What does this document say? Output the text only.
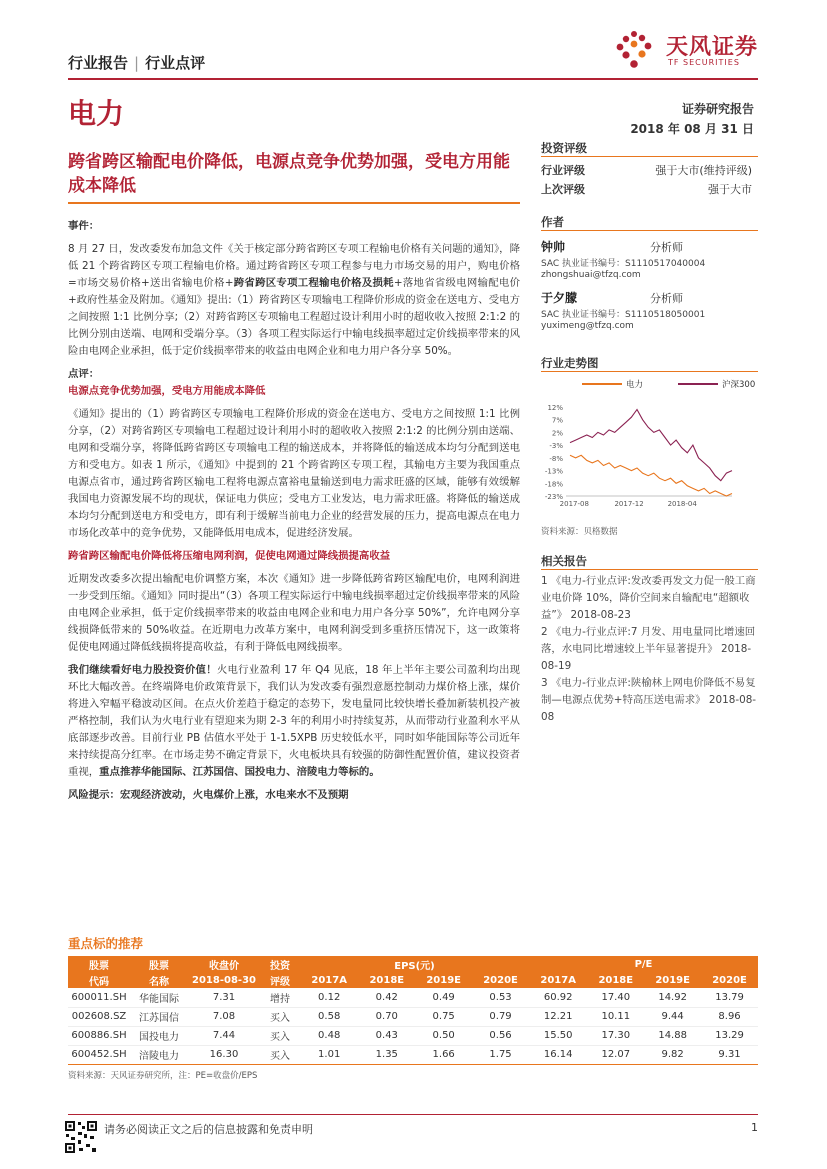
行业报告 | 行业点评
天风证券
TF SECURITIES
电力	证券研究报告
2018 年 08 月 31 日
跨省跨区输配电价降低，电源点竞争优势加强，受电方用能成本降低
投资评级
行业评级	强于大市(维持评级)
上次评级	强于大市
作者
钟帅	分析师
SAC 执业证书编号：S1110517040004
zhongshuai@tfzq.com
于夕朦	分析师
SAC 执业证书编号：S1110518050001
yuximeng@tfzq.com
行业走势图
电力	沪深300
12%
7%
2%
-3%
-8%
-13%
-18%
-23%
2017-08	2017-12	2018-04
资料来源：贝格数据
相关报告
1 《电力-行业点评:发改委再发文力促一般工商业电价降 10%，降价空间来自输配电“超额收益”》 2018-08-23
2 《电力-行业点评:7 月发、用电量同比增速回落，水电同比增速较上半年显著提升》 2018-08-19
3 《电力-行业点评:陕榆林上网电价降低不易复制—电源点优势+特高压送电需求》 2018-08-08

事件：

8 月 27 日，发改委发布加急文件《关于核定部分跨省跨区专项工程输电价格有关问题的通知》，降低 21 个跨省跨区专项工程输电价格。通过跨省跨区专项工程参与电力市场交易的用户，购电价格=市场交易价格+送出省输电价格+跨省跨区专项工程输电价格及损耗+落地省省级电网输配电价+政府性基金及附加。《通知》提出:（1）跨省跨区专项输电工程降价形成的资金在送电方、受电方之间按照 1:1 比例分享;（2）对跨省跨区专项输电工程超过设计利用小时的超收收入按照 2:1:2 的比例分别由送端、电网和受端分享。（3）各项工程实际运行中输电线损率超过定价线损率带来的风险由电网企业承担，低于定价线损率带来的收益由电网企业和电力用户各分享 50%。

点评：

电源点竞争优势加强，受电方用能成本降低

《通知》提出的（1）跨省跨区专项输电工程降价形成的资金在送电方、受电方之间按照 1:1 比例分享，（2）对跨省跨区专项输电工程超过设计利用小时的超收收入按照 2:1:2 的比例分别由送端、电网和受端分享，将降低跨省跨区专项输电工程的输送成本，并将降低的输送成本均匀分配到送电方和受电方。如表 1 所示，《通知》中提到的 21 个跨省跨区专项工程，其输电方主要为我国重点电源点省市，通过跨省跨区输电工程将电源点富裕电量输送到电力需求旺盛的区域，能够有效缓解我国电力资源发展不均的现状，保证电力供应；受电方工业发达，电力需求旺盛。将降低的输送成本均匀分配到送电方和受电方，即有利于缓解当前电力企业的经营发展的压力，提高电源点在电力市场化改革中的竞争优势，又能降低用电成本，促进经济发展。

跨省跨区输配电价降低将压缩电网利润，促使电网通过降线损提高收益

近期发改委多次提出输配电价调整方案，本次《通知》进一步降低跨省跨区输配电价，电网利润进一步受到压缩。《通知》同时提出“（3）各项工程实际运行中输电线损率超过定价线损率带来的风险由电网企业承担，低于定价线损率带来的收益由电网企业和电力用户各分享 50%”，允许电网分享线损降低带来的 50%收益。在近期电力改革方案中，电网利润受到多重挤压情况下，这一政策将促使电网通过降低线损将提高收益，有利于降低电网线损率。

我们继续看好电力股投资价值！火电行业盈利 17 年 Q4 见底，18 年上半年主要公司盈利均出现环比大幅改善。在终端降电价政策背景下，我们认为发改委有强烈意愿控制动力煤价格上涨，煤价将进入窄幅平稳波动区间。在点火价差趋于稳定的态势下，发电量同比较快增长叠加新装机投产被严格控制，我们认为火电行业有望迎来为期 2-3 年的利用小时持续复苏，从而带动行业盈利水平从底部逐步改善。目前行业 PB 估值水平处于 1-1.5XPB 历史较低水平，同时如华能国际等公司近年来持续提高分红率。在市场走势不确定背景下，火电板块具有较强的防御性配置价值，建议投资者重视，重点推荐华能国际、江苏国信、国投电力、涪陵电力等标的。

风险提示：宏观经济波动，火电煤价上涨，水电来水不及预期

重点标的推荐
股票	股票	收盘价	投资	EPS(元)				P/E			
代码	名称	2018-08-30	评级	2017A	2018E	2019E	2020E	2017A	2018E	2019E	2020E
600011.SH	华能国际	7.31	增持	0.12	0.42	0.49	0.53	60.92	17.40	14.92	13.79
002608.SZ	江苏国信	7.08	买入	0.58	0.70	0.75	0.79	12.21	10.11	9.44	8.96
600886.SH	国投电力	7.44	买入	0.48	0.43	0.50	0.56	15.50	17.30	14.88	13.29
600452.SH	涪陵电力	16.30	买入	1.01	1.35	1.66	1.75	16.14	12.07	9.82	9.31
资料来源：天风证券研究所，注：PE=收盘价/EPS
请务必阅读正文之后的信息披露和免责申明	1
